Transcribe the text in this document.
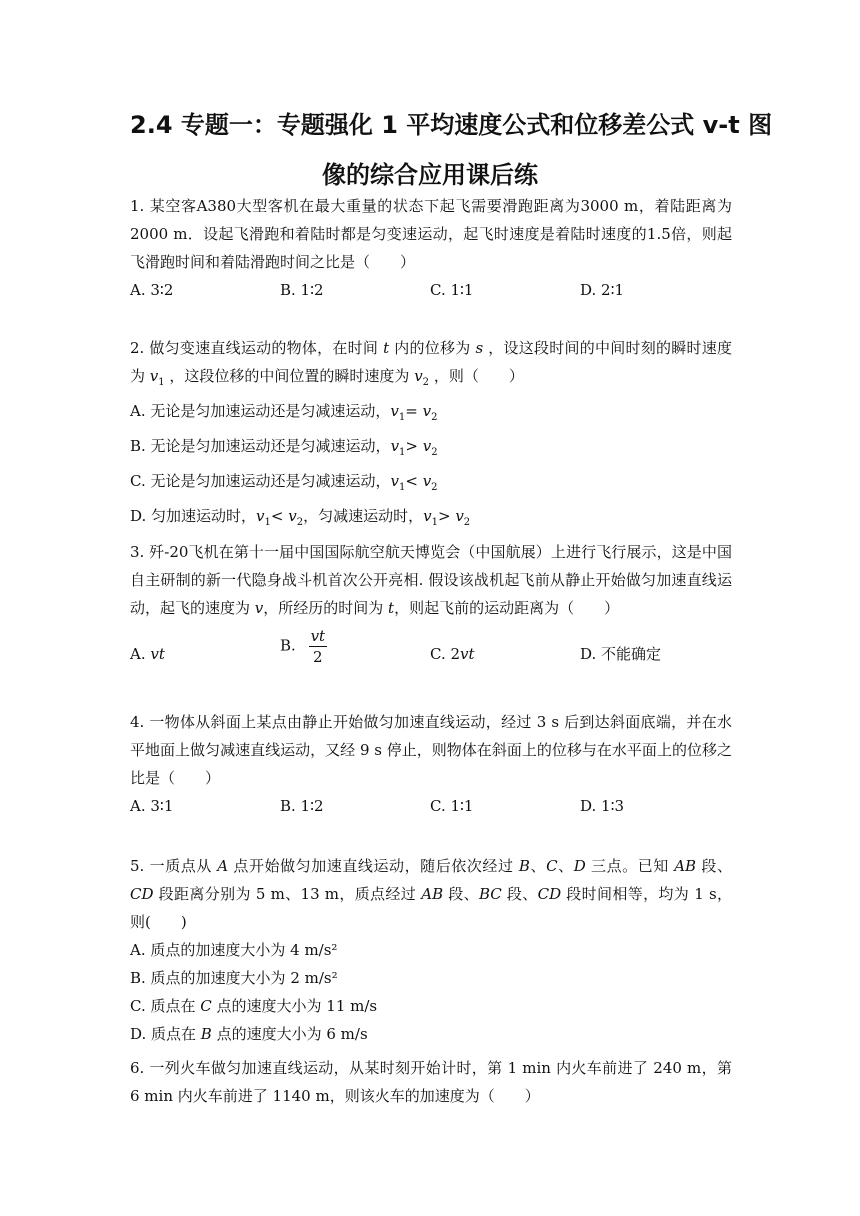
2.4 专题一：专题强化 1 平均速度公式和位移差公式 v-t 图
像的综合应用课后练
1. 某空客A380大型客机在最大重量的状态下起飞需要滑跑距离为3000 m，着陆距离为2000 m．设起飞滑跑和着陆时都是匀变速运动，起飞时速度是着陆时速度的1.5倍，则起飞滑跑时间和着陆滑跑时间之比是（　　）
A. 3∶2	B. 1∶2	C. 1∶1	D. 2∶1
2. 做匀变速直线运动的物体，在时间 t 内的位移为 s ，设这段时间的中间时刻的瞬时速度为 $v_1$ ，这段位移的中间位置的瞬时速度为 $v_2$ ，则（　　）
A. 无论是匀加速运动还是匀减速运动，$v_1= v_2$
B. 无论是匀加速运动还是匀减速运动，$v_1> v_2$
C. 无论是匀加速运动还是匀减速运动，$v_1< v_2$
D. 匀加速运动时，$v_1< v_2$，匀减速运动时，$v_1> v_2$
3. 歼-20飞机在第十一届中国国际航空航天博览会（中国航展）上进行飞行展示，这是中国自主研制的新一代隐身战斗机首次公开亮相. 假设该战机起飞前从静止开始做匀加速直线运动，起飞的速度为 v，所经历的时间为 t，则起飞前的运动距离为（　　）
A. vt	B. $\frac{vt}{2}$	C. 2vt	D. 不能确定
4. 一物体从斜面上某点由静止开始做匀加速直线运动，经过 3 s 后到达斜面底端，并在水平地面上做匀减速直线运动，又经 9 s 停止，则物体在斜面上的位移与在水平面上的位移之比是（　　）
A. 3∶1	B. 1∶2	C. 1∶1	D. 1∶3
5. 一质点从 A 点开始做匀加速直线运动，随后依次经过 B、C、D 三点。已知 AB 段、CD 段距离分别为 5 m、13 m，质点经过 AB 段、BC 段、CD 段时间相等，均为 1 s，则(　　)
A. 质点的加速度大小为 4 m/s²
B. 质点的加速度大小为 2 m/s²
C. 质点在 C 点的速度大小为 11 m/s
D. 质点在 B 点的速度大小为 6 m/s
6. 一列火车做匀加速直线运动，从某时刻开始计时，第 1 min 内火车前进了 240 m，第 6 min 内火车前进了 1140 m，则该火车的加速度为（　　）
